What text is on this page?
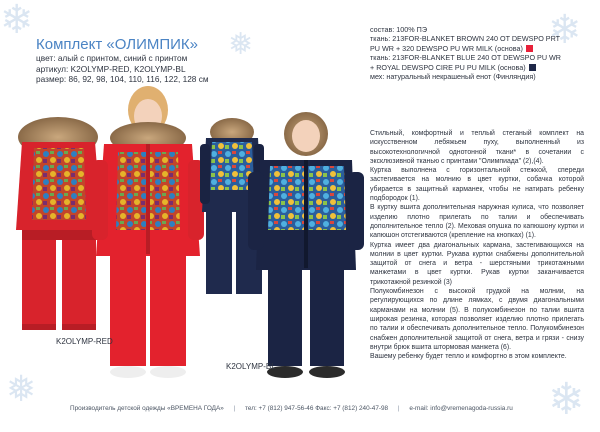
❄
❅	❄
❅	❄
Комплект «ОЛИМПИК»
цвет: алый с принтом, синий с принтом
артикул: K2OLYMP-RED, K2OLYMP-BL
размер: 86, 92, 98, 104, 110, 116, 122, 128 см
состав: 100% ПЭ
ткань: 213FOR-BLANKET BROWN 240 OT DEWSPO PRT
PU WR + 320 DEWSPO PU WR MILK (основа)
ткань: 213FOR-BLANKET BLUE 240 OT DEWSPO PU WR
+ ROYAL DEWSPO CIRE PU PU MILK (основа)
мех: натуральный некрашеный енот (Финляндия)

Стильный, комфортный и теплый стеганый комплект на искусственном лебяжьем пуху, выполненный из высокотехнологичной однотонной ткани* в сочетании с эксклюзивной тканью с принтами "Олимпиада" (2),(4).

Куртка выполнена с горизонтальной стежкой, спереди застегивается на молнию в цвет куртки, собачка которой убирается в защитный карманек, чтобы не натирать ребенку подбородок (1).

В куртку вшита дополнительная наружная кулиса, что позволяет изделию плотно прилегать по талии и обеспечивать дополнительное тепло (2). Меховая опушка по капюшону куртки и капюшон отстегиваются (крепление на кнопках) (1).

Куртка имеет два диагональных кармана, застегивающихся на молнии в цвет куртки. Рукава куртки снабжены дополнительной защитой от снега и ветра - шерстяными трикотажными манжетами в цвет куртки. Рукав куртки заканчивается трикотажной резинкой (3)

Полукомбинезон с высокой грудкой на молнии, на регулирующихся по длине лямках, с двумя диагональными карманами на молнии (5). В полукомбинезон по талии вшита широкая резинка, которая позволяет изделию плотно прилегать по талии и обеспечивать дополнительное тепло. Полукомбинезон снабжен дополнительной защитой от снега, ветра и грязи - снизу внутри брюк вшита штормовая манжета (6).

Вашему ребенку будет тепло и комфортно в этом комплекте.

K2OLYMP-RED
K2OLYMP-BL
Производитель детской одежды «ВРЕМЕНА ГОДА» | тел: +7 (812) 947-56-46 Факс: +7 (812) 240-47-98 | e-mail: info@vremenagoda-russia.ru
